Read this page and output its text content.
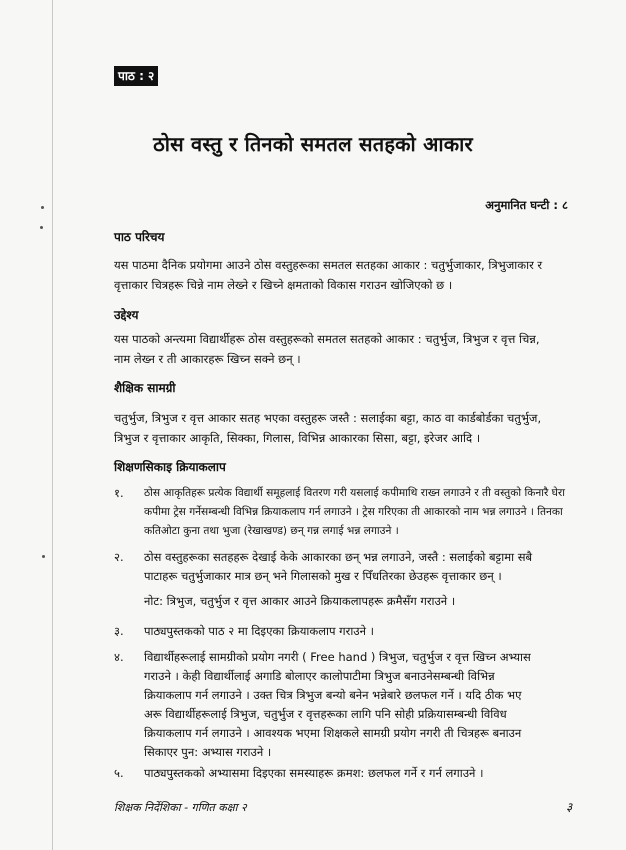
पाठ : २
ठोस वस्तु र तिनको समतल सतहको आकार
अनुमानित घन्टी : ८
पाठ परिचय
यस पाठमा दैनिक प्रयोगमा आउने ठोस वस्तुहरूका समतल सतहका आकार : चतुर्भुजाकार, त्रिभुजाकार र
वृत्ताकार चित्रहरू चिन्ने नाम लेख्ने र खिच्ने क्षमताको विकास गराउन खोजिएको छ ।
उद्देश्य
यस पाठको अन्त्यमा विद्यार्थीहरू ठोस वस्तुहरूको समतल सतहको आकार : चतुर्भुज, त्रिभुज र वृत्त चिन्न,
नाम लेख्न र ती आकारहरू खिच्न सक्ने छन् ।
शैक्षिक सामग्री
चतुर्भुज, त्रिभुज र वृत्त आकार सतह भएका वस्तुहरू जस्तै : सलाईका बट्टा, काठ वा कार्डबोर्डका चतुर्भुज,
त्रिभुज र वृत्ताकार आकृति, सिक्का, गिलास, विभिन्न आकारका सिसा, बट्टा, इरेजर आदि ।
शिक्षणसिकाइ क्रियाकलाप
१.	ठोस आकृतिहरू प्रत्येक विद्यार्थी समूहलाई वितरण गरी यसलाई कपीमाथि राख्न लगाउने र ती वस्तुको किनारै घेरा
कपीमा ट्रेस गर्नेसम्बन्धी विभिन्न क्रियाकलाप गर्न लगाउने । ट्रेस गरिएका ती आकारको नाम भन्न लगाउने । तिनका
कतिओटा कुना तथा भुजा (रेखाखण्ड) छन् गन्न लगाई भन्न लगाउने ।
२.	ठोस वस्तुहरूका सतहहरू देखाई केके आकारका छन् भन्न लगाउने, जस्तै : सलाईको बट्टामा सबै
पाटाहरू चतुर्भुजाकार मात्र छन् भने गिलासको मुख र पिँधतिरका छेउहरू वृत्ताकार छन् ।
नोट: त्रिभुज, चतुर्भुज र वृत्त आकार आउने क्रियाकलापहरू क्रमैसँग गराउने ।
३.	पाठ्यपुस्तकको पाठ २ मा दिइएका क्रियाकलाप गराउने ।
४.	विद्यार्थीहरूलाई सामग्रीको प्रयोग नगरी ( Free hand ) त्रिभुज, चतुर्भुज र वृत्त खिच्न अभ्यास
गराउने । केही विद्यार्थीलाई अगाडि बोलाएर कालोपाटीमा त्रिभुज बनाउनेसम्बन्धी विभिन्न
क्रियाकलाप गर्न लगाउने । उक्त चित्र त्रिभुज बन्यो बनेन भन्नेबारे छलफल गर्ने । यदि ठीक भए
अरू विद्यार्थीहरूलाई त्रिभुज, चतुर्भुज र वृत्तहरूका लागि पनि सोही प्रक्रियासम्बन्धी विविध
क्रियाकलाप गर्न लगाउने । आवश्यक भएमा शिक्षकले सामग्री प्रयोग नगरी ती चित्रहरू बनाउन
सिकाएर पुन: अभ्यास गराउने ।
५.	पाठ्यपुस्तकको अभ्यासमा दिइएका समस्याहरू क्रमश: छलफल गर्ने र गर्न लगाउने ।
शिक्षक निर्देशिका - गणित कक्षा २	३
